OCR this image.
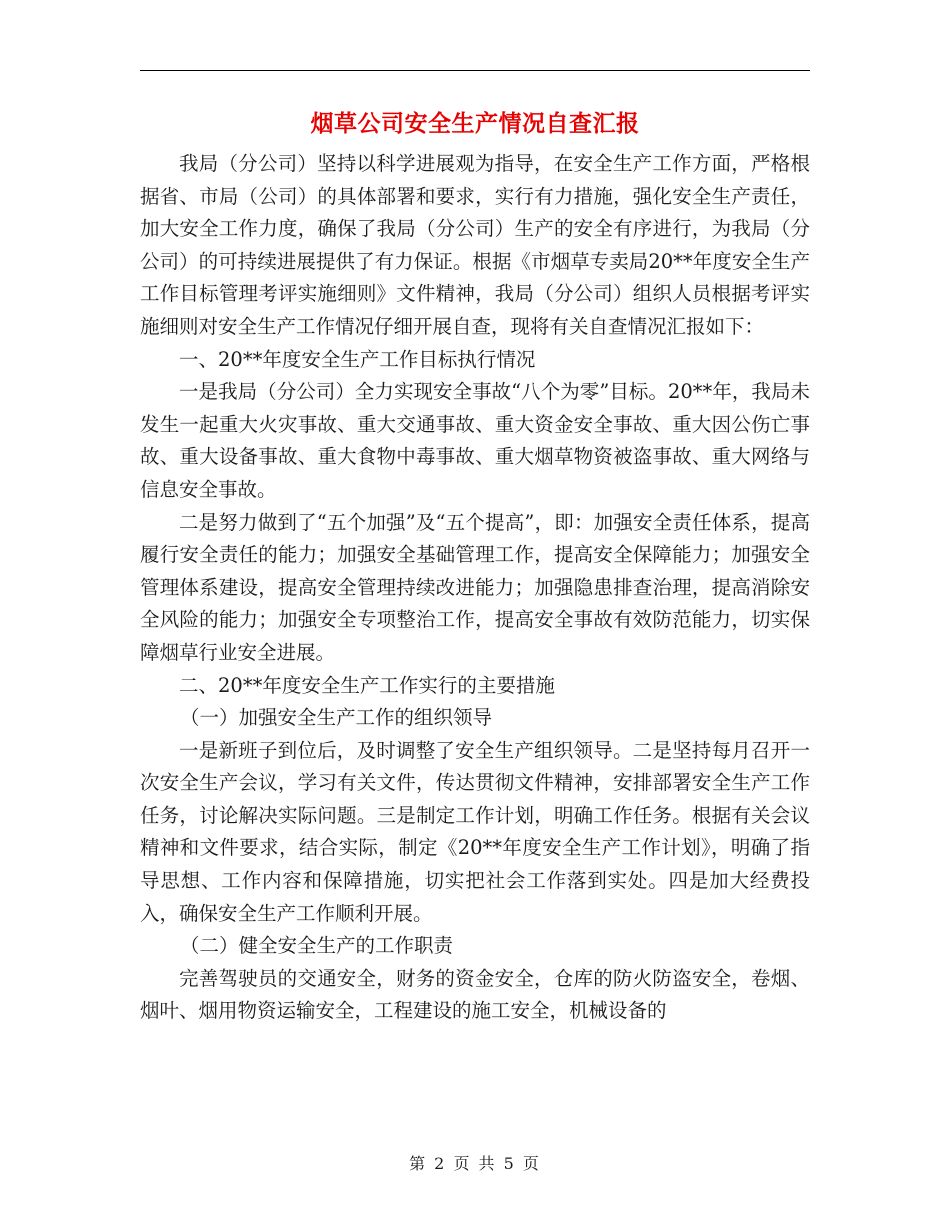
烟草公司安全生产情况自查汇报

我局（分公司）坚持以科学进展观为指导，在安全生产工作方面，严格根据省、市局（公司）的具体部署和要求，实行有力措施，强化安全生产责任，加大安全工作力度，确保了我局（分公司）生产的安全有序进行，为我局（分公司）的可持续进展提供了有力保证。根据《市烟草专卖局20**年度安全生产工作目标管理考评实施细则》文件精神，我局（分公司）组织人员根据考评实施细则对安全生产工作情况仔细开展自查，现将有关自查情况汇报如下：

一、20**年度安全生产工作目标执行情况

一是我局（分公司）全力实现安全事故“八个为零”目标。20**年，我局未发生一起重大火灾事故、重大交通事故、重大资金安全事故、重大因公伤亡事故、重大设备事故、重大食物中毒事故、重大烟草物资被盗事故、重大网络与信息安全事故。

二是努力做到了“五个加强”及“五个提高”，即：加强安全责任体系，提高履行安全责任的能力；加强安全基础管理工作，提高安全保障能力；加强安全管理体系建设，提高安全管理持续改进能力；加强隐患排查治理，提高消除安全风险的能力；加强安全专项整治工作，提高安全事故有效防范能力，切实保障烟草行业安全进展。

二、20**年度安全生产工作实行的主要措施

（一）加强安全生产工作的组织领导

一是新班子到位后，及时调整了安全生产组织领导。二是坚持每月召开一次安全生产会议，学习有关文件，传达贯彻文件精神，安排部署安全生产工作任务，讨论解决实际问题。三是制定工作计划，明确工作任务。根据有关会议精神和文件要求，结合实际，制定《20**年度安全生产工作计划》，明确了指导思想、工作内容和保障措施，切实把社会工作落到实处。四是加大经费投入，确保安全生产工作顺利开展。

（二）健全安全生产的工作职责

完善驾驶员的交通安全，财务的资金安全，仓库的防火防盗安全，卷烟、烟叶、烟用物资运输安全，工程建设的施工安全，机械设备的

第 2 页 共 5 页
